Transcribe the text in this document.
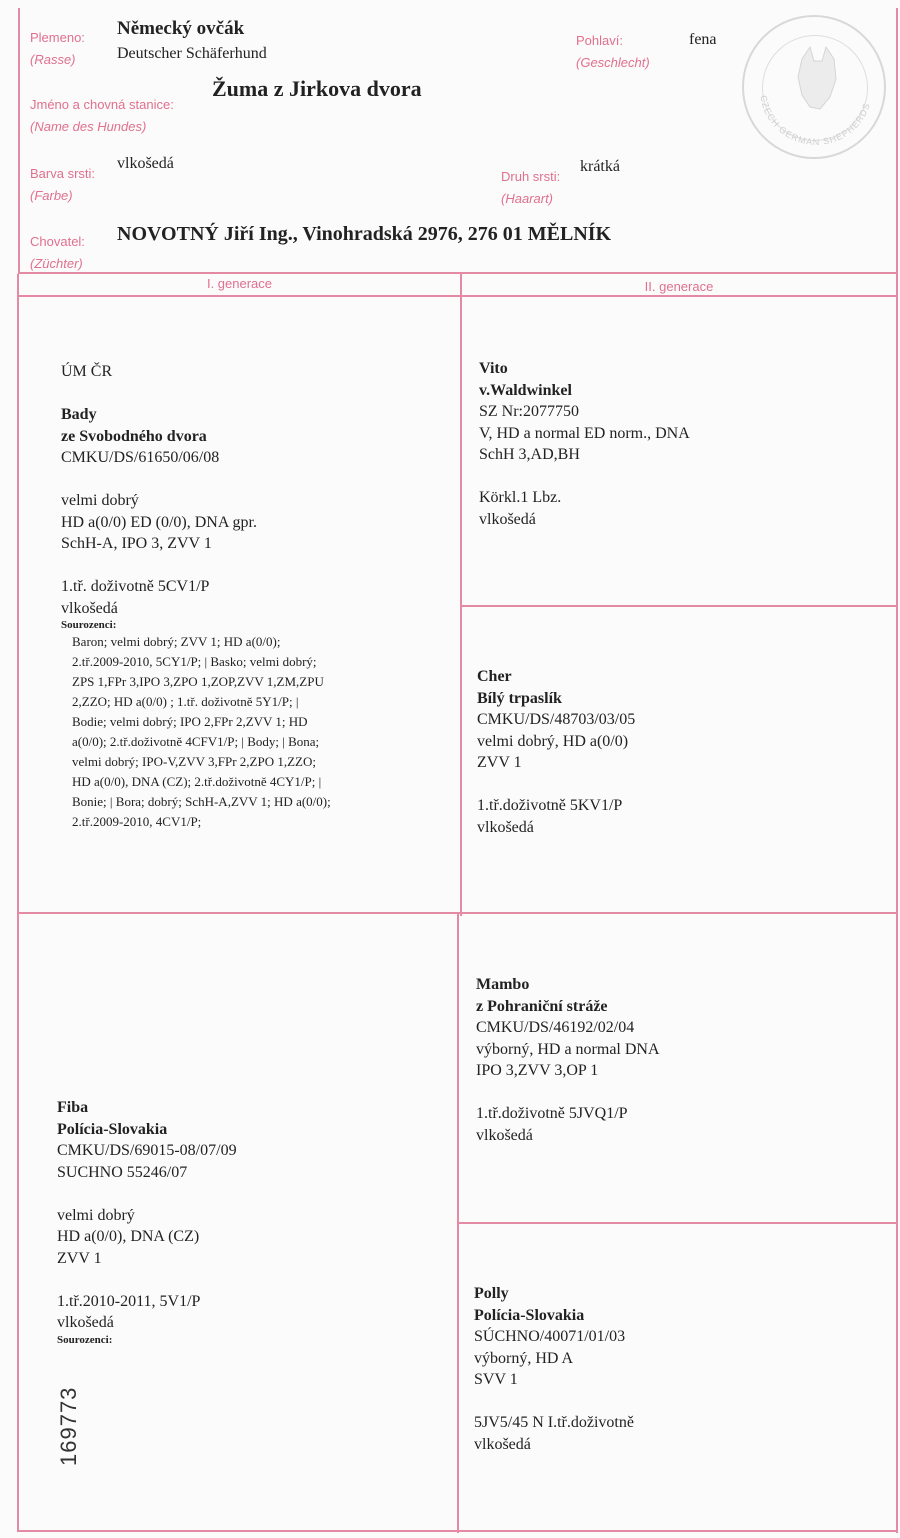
Plemeno:
(Rasse)
Německý ovčák
Deutscher Schäferhund
Pohlaví:
(Geschlecht)
fena
CZECH GERMAN SHEPHERDS
Jméno a chovná stanice:
(Name des Hundes)
Žuma z Jirkova dvora
Barva srsti:
(Farbe)
vlkošedá
Druh srsti:
(Haarart)
krátká
Chovatel:
(Züchter)
NOVOTNÝ Jiří Ing., Vinohradská 2976, 276 01 MĚLNÍK
I. generace	II. generace
ÚM ČR
Bady
ze Svobodného dvora
CMKU/DS/61650/06/08
velmi dobrý
HD a(0/0) ED (0/0), DNA gpr.
SchH-A, IPO 3, ZVV 1
1.tř. doživotně 5CV1/P
vlkošedá
Sourozenci:
Baron; velmi dobrý; ZVV 1; HD a(0/0);
2.tř.2009-2010, 5CY1/P; | Basko; velmi dobrý;
ZPS 1,FPr 3,IPO 3,ZPO 1,ZOP,ZVV 1,ZM,ZPU
2,ZZO; HD a(0/0) ; 1.tř. doživotně 5Y1/P; |
Bodie; velmi dobrý; IPO 2,FPr 2,ZVV 1; HD
a(0/0); 2.tř.doživotně 4CFV1/P; | Body; | Bona;
velmi dobrý; IPO-V,ZVV 3,FPr 2,ZPO 1,ZZO;
HD a(0/0), DNA (CZ); 2.tř.doživotně 4CY1/P; |
Bonie; | Bora; dobrý; SchH-A,ZVV 1; HD a(0/0);
2.tř.2009-2010, 4CV1/P;
Vito
v.Waldwinkel
SZ Nr:2077750
V, HD a normal ED norm., DNA
SchH 3,AD,BH
Körkl.1 Lbz.
vlkošedá
Cher
Bílý trpaslík
CMKU/DS/48703/03/05
velmi dobrý, HD a(0/0)
ZVV 1
1.tř.doživotně 5KV1/P
vlkošedá
Fiba
Polícia-Slovakia
CMKU/DS/69015-08/07/09
SUCHNO 55246/07
velmi dobrý
HD a(0/0), DNA (CZ)
ZVV 1
1.tř.2010-2011, 5V1/P
vlkošedá
Sourozenci:
Mambo
z Pohraniční stráže
CMKU/DS/46192/02/04
výborný, HD a normal DNA
IPO 3,ZVV 3,OP 1
1.tř.doživotně 5JVQ1/P
vlkošedá
Polly
Polícia-Slovakia
SÚCHNO/40071/01/03
výborný, HD A
SVV 1
5JV5/45 N I.tř.doživotně
vlkošedá
169773
